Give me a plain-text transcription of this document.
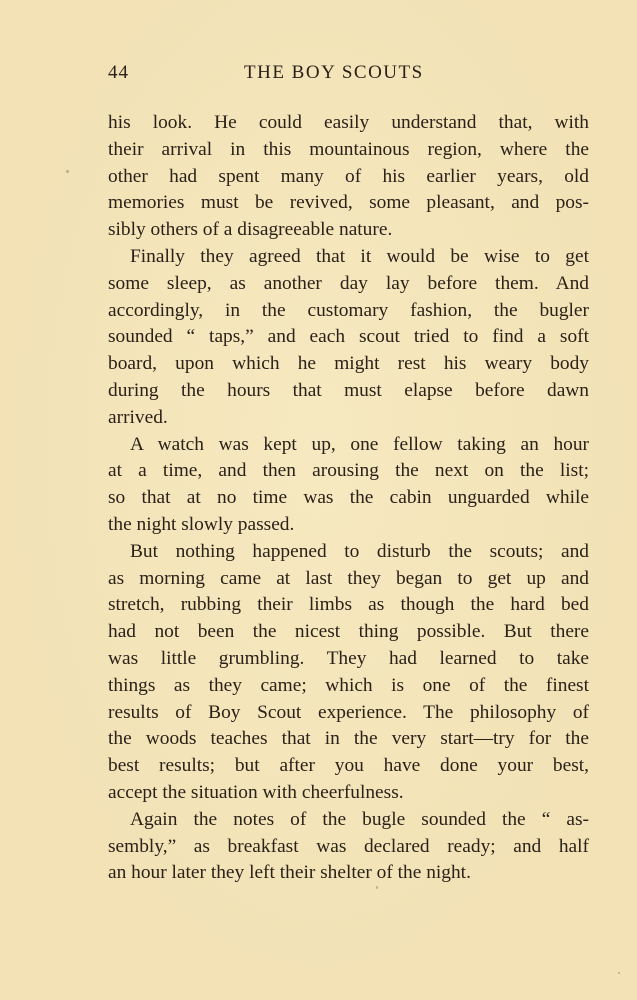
44	THE BOY SCOUTS
his look. He could easily understand that, with
their arrival in this mountainous region, where the
other had spent many of his earlier years, old
memories must be revived, some pleasant, and pos-
sibly others of a disagreeable nature.
Finally they agreed that it would be wise to get
some sleep, as another day lay before them. And
accordingly, in the customary fashion, the bugler
sounded “ taps,” and each scout tried to find a soft
board, upon which he might rest his weary body
during the hours that must elapse before dawn
arrived.
A watch was kept up, one fellow taking an hour
at a time, and then arousing the next on the list;
so that at no time was the cabin unguarded while
the night slowly passed.
But nothing happened to disturb the scouts; and
as morning came at last they began to get up and
stretch, rubbing their limbs as though the hard bed
had not been the nicest thing possible. But there
was little grumbling. They had learned to take
things as they came; which is one of the finest
results of Boy Scout experience. The philosophy of
the woods teaches that in the very start—try for the
best results; but after you have done your best,
accept the situation with cheerfulness.
Again the notes of the bugle sounded the “ as-
sembly,” as breakfast was declared ready; and half
an hour later they left their shelter of the night.
